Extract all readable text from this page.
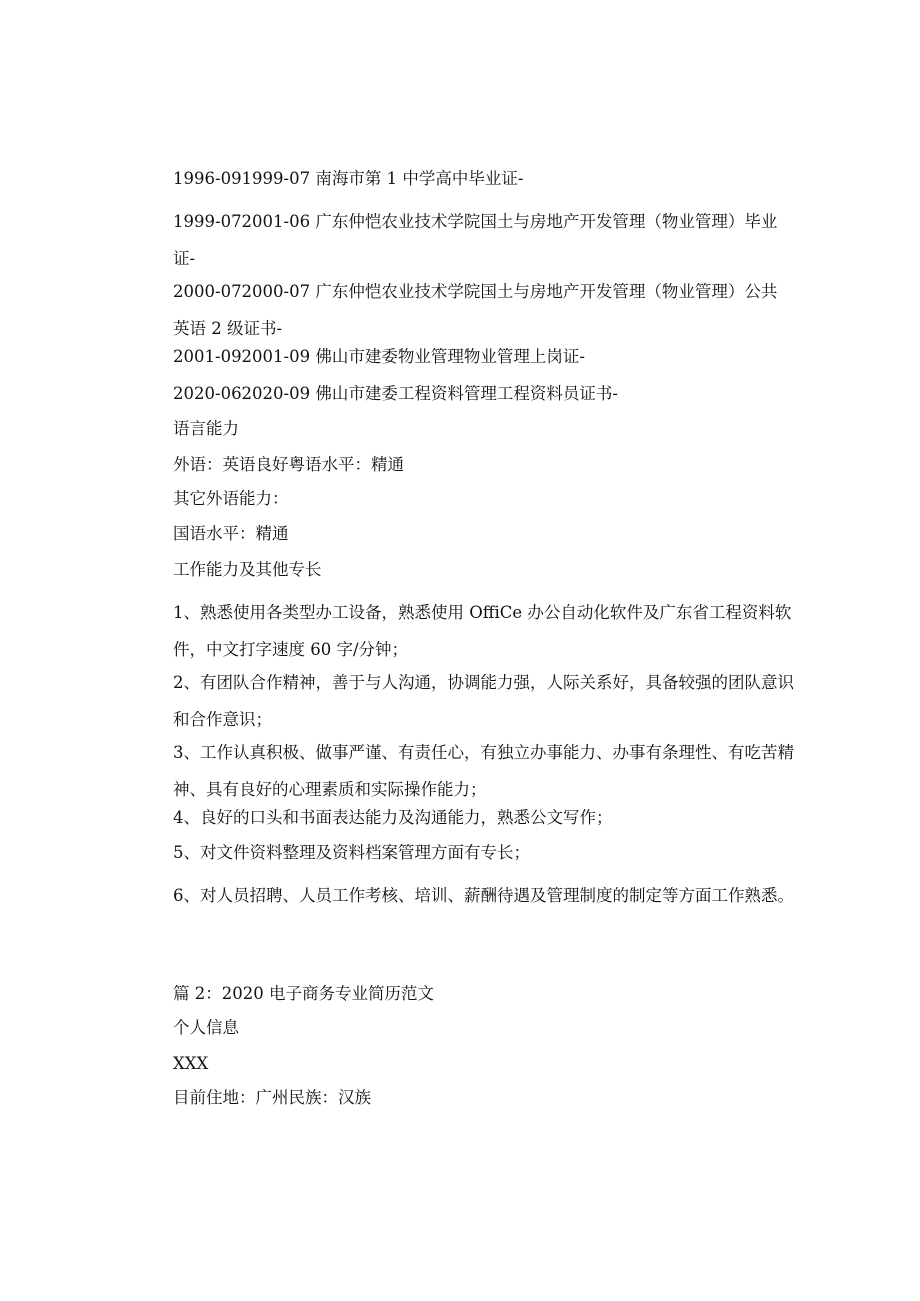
1996-091999-07 南海市第 1 中学高中毕业证-

1999-072001-06 广东仲恺农业技术学院国土与房地产开发管理（物业管理）毕业证-

2000-072000-07 广东仲恺农业技术学院国土与房地产开发管理（物业管理）公共英语 2 级证书-

2001-092001-09 佛山市建委物业管理物业管理上岗证-

2020-062020-09 佛山市建委工程资料管理工程资料员证书-

语言能力

外语：英语良好粤语水平：精通

其它外语能力：

国语水平：精通

工作能力及其他专长

1、熟悉使用各类型办工设备，熟悉使用 OffiCe 办公自动化软件及广东省工程资料软件，中文打字速度 60 字/分钟；

2、有团队合作精神，善于与人沟通，协调能力强，人际关系好，具备较强的团队意识和合作意识；

3、工作认真积极、做事严谨、有责任心，有独立办事能力、办事有条理性、有吃苦精神、具有良好的心理素质和实际操作能力；

4、良好的口头和书面表达能力及沟通能力，熟悉公文写作；

5、对文件资料整理及资料档案管理方面有专长；

6、对人员招聘、人员工作考核、培训、薪酬待遇及管理制度的制定等方面工作熟悉。

篇 2：2020 电子商务专业简历范文

个人信息

XXX

目前住地：广州民族：汉族
